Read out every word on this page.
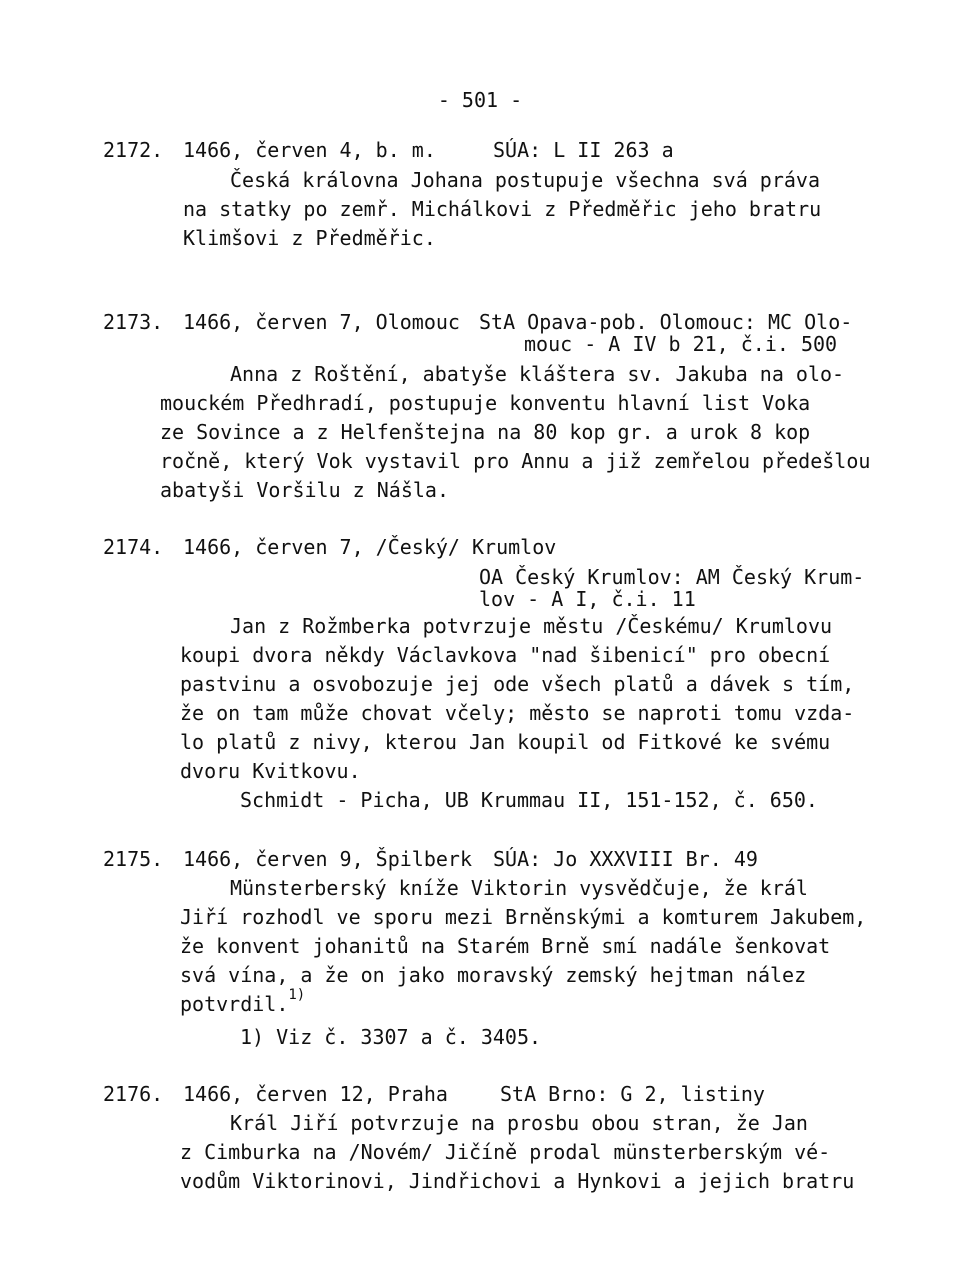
- 501 -
2172. 1466, červen 4, b. m.	SÚA: L II 263 a
Česká královna Johana postupuje všechna svá práva
na statky po zemř. Michálkovi z Předměřic jeho bratru
Klimšovi z Předměřic.
2173. 1466, červen 7, Olomouc StA Opava-pob. Olomouc: MC Olo-
mouc - A IV b 21, č.i. 500
Anna z Roštění, abatyše kláštera sv. Jakuba na olo-
mouckém Předhradí, postupuje konventu hlavní list Voka
ze Sovince a z Helfenštejna na 80 kop gr. a urok 8 kop
ročně, který Vok vystavil pro Annu a již zemřelou předešlou
abatyši Voršilu z Nášla.
2174. 1466, červen 7, /Český/ Krumlov
OA Český Krumlov: AM Český Krum-
lov - A I, č.i. 11
Jan z Rožmberka potvrzuje městu /Českému/ Krumlovu
koupi dvora někdy Václavkova "nad šibenicí" pro obecní
pastvinu a osvobozuje jej ode všech platů a dávek s tím,
že on tam může chovat včely; město se naproti tomu vzda-
lo platů z nivy, kterou Jan koupil od Fitkové ke svému
dvoru Kvitkovu.
Schmidt - Picha, UB Krummau II, 151-152, č. 650.
2175. 1466, červen 9, Špilberk SÚA: Jo XXXVIII Br. 49
Münsterberský kníže Viktorin vysvědčuje, že král
Jiří rozhodl ve sporu mezi Brněnskými a komturem Jakubem,
že konvent johanitů na Starém Brně smí nadále šenkovat
svá vína, a že on jako moravský zemský hejtman nález
potvrdil.$^{1)}$
1) Viz č. 3307 a č. 3405.
2176. 1466, červen 12, Praha	StA Brno: G 2, listiny
Král Jiří potvrzuje na prosbu obou stran, že Jan
z Cimburka na /Novém/ Jičíně prodal münsterberským vé-
vodům Viktorinovi, Jindřichovi a Hynkovi a jejich bratru
